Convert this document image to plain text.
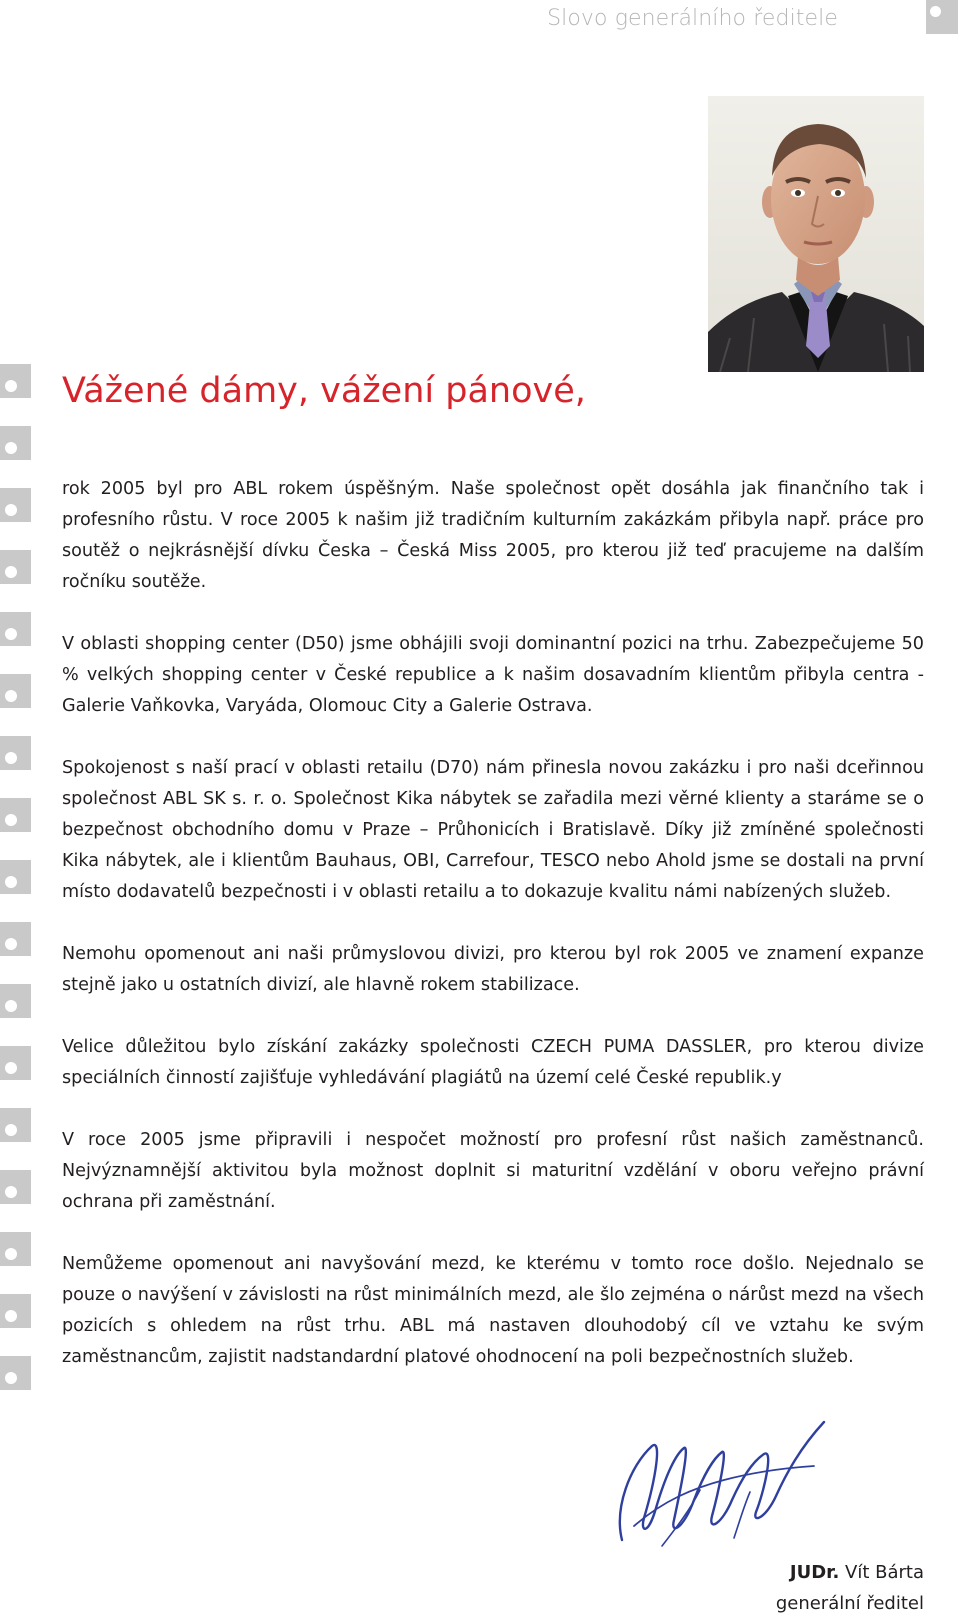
Slovo generálního ředitele
Vážené dámy, vážení pánové,

rok 2005 byl pro ABL rokem úspěšným. Naše společnost opět dosáhla jak finančního tak i profesního růstu. V roce 2005 k našim již tradičním kulturním zakázkám přibyla např. práce pro soutěž o nejkrásnější dívku Česka – Česká Miss 2005, pro kterou již teď pracujeme na dalším ročníku soutěže.

V oblasti shopping center (D50) jsme obhájili svoji dominantní pozici na trhu. Zabezpečujeme 50 % velkých shopping center v České republice a k našim dosavadním klientům přibyla centra - Galerie Vaňkovka, Varyáda, Olomouc City a Galerie Ostrava.

Spokojenost s naší prací v oblasti retailu (D70) nám přinesla novou zakázku i pro naši dceřinnou společnost ABL SK s. r. o. Společnost Kika nábytek se zařadila mezi věrné klienty a staráme se o bezpečnost obchodního domu v Praze – Průhonicích i Bratislavě. Díky již zmíněné společnosti Kika nábytek, ale i klientům Bauhaus, OBI, Carrefour, TESCO nebo Ahold jsme se dostali na první místo dodavatelů bezpečnosti i v oblasti retailu a to dokazuje kvalitu námi nabízených služeb.

Nemohu opomenout ani naši průmyslovou divizi, pro kterou byl rok 2005 ve znamení expanze stejně jako u ostatních divizí, ale hlavně rokem stabilizace.

Velice důležitou bylo získání zakázky společnosti CZECH PUMA DASSLER, pro kterou divize speciálních činností zajišťuje vyhledávání plagiátů na území celé České republik.y

V roce 2005 jsme připravili i nespočet možností pro profesní růst našich zaměstnanců. Nejvýznamnější aktivitou byla možnost doplnit si maturitní vzdělání v oboru veřejno právní ochrana při zaměstnání.

Nemůžeme opomenout ani navyšování mezd, ke kterému v tomto roce došlo. Nejednalo se pouze o navýšení v závislosti na růst minimálních mezd, ale šlo zejména o nárůst mezd na všech pozicích s ohledem na růst trhu. ABL má nastaven dlouhodobý cíl ve vztahu ke svým zaměstnancům, zajistit nadstandardní platové ohodnocení na poli bezpečnostních služeb.

JUDr. Vít Bárta
generální ředitel
